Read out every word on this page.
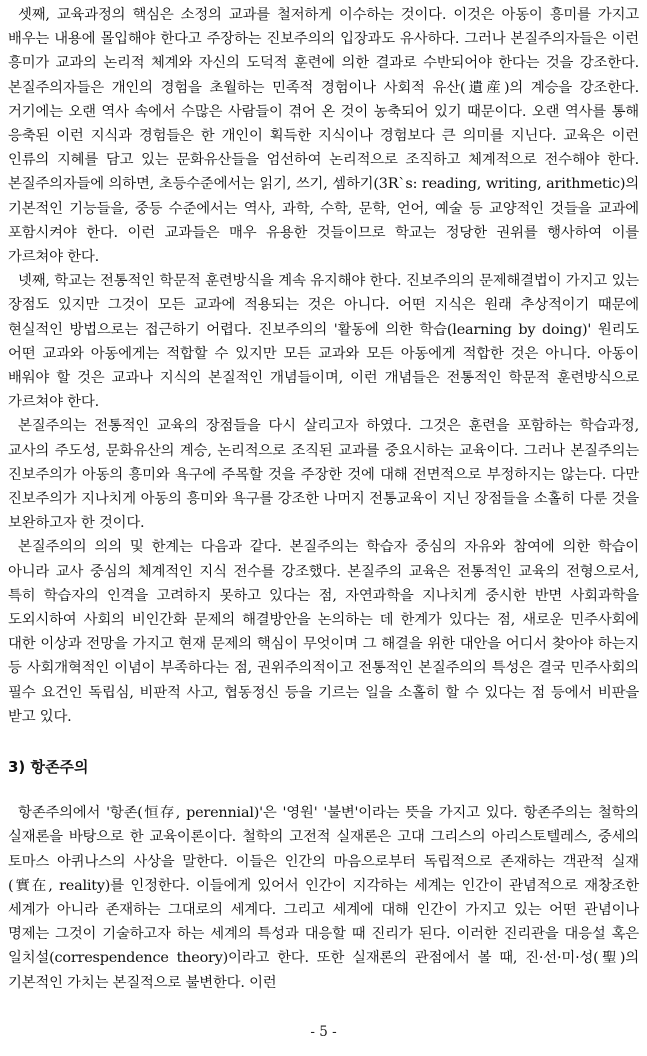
셋째, 교육과정의 핵심은 소정의 교과를 철저하게 이수하는 것이다. 이것은 아동이 흥미를 가지고 배우는 내용에 몰입해야 한다고 주장하는 진보주의의 입장과도 유사하다. 그러나 본질주의자들은 이런 흥미가 교과의 논리적 체계와 자신의 도덕적 훈련에 의한 결과로 수반되어야 한다는 것을 강조한다. 본질주의자들은 개인의 경험을 초월하는 민족적 경험이나 사회적 유산(遺産)의 계승을 강조한다. 거기에는 오랜 역사 속에서 수많은 사람들이 겪어 온 것이 농축되어 있기 때문이다. 오랜 역사를 통해 응축된 이런 지식과 경험들은 한 개인이 획득한 지식이나 경험보다 큰 의미를 지닌다. 교육은 이런 인류의 지혜를 담고 있는 문화유산들을 엄선하여 논리적으로 조직하고 체계적으로 전수해야 한다. 본질주의자들에 의하면, 초등수준에서는 읽기, 쓰기, 셈하기(3R`s: reading, writing, arithmetic)의 기본적인 기능들을, 중등 수준에서는 역사, 과학, 수학, 문학, 언어, 예술 등 교양적인 것들을 교과에 포함시켜야 한다. 이런 교과들은 매우 유용한 것들이므로 학교는 정당한 권위를 행사하여 이를 가르쳐야 한다.

넷째, 학교는 전통적인 학문적 훈련방식을 계속 유지해야 한다. 진보주의의 문제해결법이 가지고 있는 장점도 있지만 그것이 모든 교과에 적용되는 것은 아니다. 어떤 지식은 원래 추상적이기 때문에 현실적인 방법으로는 접근하기 어렵다. 진보주의의 '활동에 의한 학습(learning by doing)' 원리도 어떤 교과와 아동에게는 적합할 수 있지만 모든 교과와 모든 아동에게 적합한 것은 아니다. 아동이 배워야 할 것은 교과나 지식의 본질적인 개념들이며, 이런 개념들은 전통적인 학문적 훈련방식으로 가르쳐야 한다.

본질주의는 전통적인 교육의 장점들을 다시 살리고자 하였다. 그것은 훈련을 포함하는 학습과정, 교사의 주도성, 문화유산의 계승, 논리적으로 조직된 교과를 중요시하는 교육이다. 그러나 본질주의는 진보주의가 아동의 흥미와 욕구에 주목할 것을 주장한 것에 대해 전면적으로 부정하지는 않는다. 다만 진보주의가 지나치게 아동의 흥미와 욕구를 강조한 나머지 전통교육이 지닌 장점들을 소홀히 다룬 것을 보완하고자 한 것이다.

본질주의의 의의 및 한계는 다음과 같다. 본질주의는 학습자 중심의 자유와 참여에 의한 학습이 아니라 교사 중심의 체계적인 지식 전수를 강조했다. 본질주의 교육은 전통적인 교육의 전형으로서, 특히 학습자의 인격을 고려하지 못하고 있다는 점, 자연과학을 지나치게 중시한 반면 사회과학을 도외시하여 사회의 비인간화 문제의 해결방안을 논의하는 데 한계가 있다는 점, 새로운 민주사회에 대한 이상과 전망을 가지고 현재 문제의 핵심이 무엇이며 그 해결을 위한 대안을 어디서 찾아야 하는지 등 사회개혁적인 이념이 부족하다는 점, 권위주의적이고 전통적인 본질주의의 특성은 결국 민주사회의 필수 요건인 독립심, 비판적 사고, 협동정신 등을 기르는 일을 소홀히 할 수 있다는 점 등에서 비판을 받고 있다.

3) 항존주의

항존주의에서 '항존(恒存, perennial)'은 '영원' '불변'이라는 뜻을 가지고 있다. 항존주의는 철학의 실재론을 바탕으로 한 교육이론이다. 철학의 고전적 실재론은 고대 그리스의 아리스토텔레스, 중세의 토마스 아퀴나스의 사상을 말한다. 이들은 인간의 마음으로부터 독립적으로 존재하는 객관적 실재(實在, reality)를 인정한다. 이들에게 있어서 인간이 지각하는 세계는 인간이 관념적으로 재창조한 세계가 아니라 존재하는 그대로의 세계다. 그리고 세계에 대해 인간이 가지고 있는 어떤 관념이나 명제는 그것이 기술하고자 하는 세계의 특성과 대응할 때 진리가 된다. 이러한 진리관을 대응설 혹은 일치설(correspendence theory)이라고 한다. 또한 실재론의 관점에서 볼 때, 진·선·미·성(聖)의 기본적인 가치는 본질적으로 불변한다. 이런

- 5 -
